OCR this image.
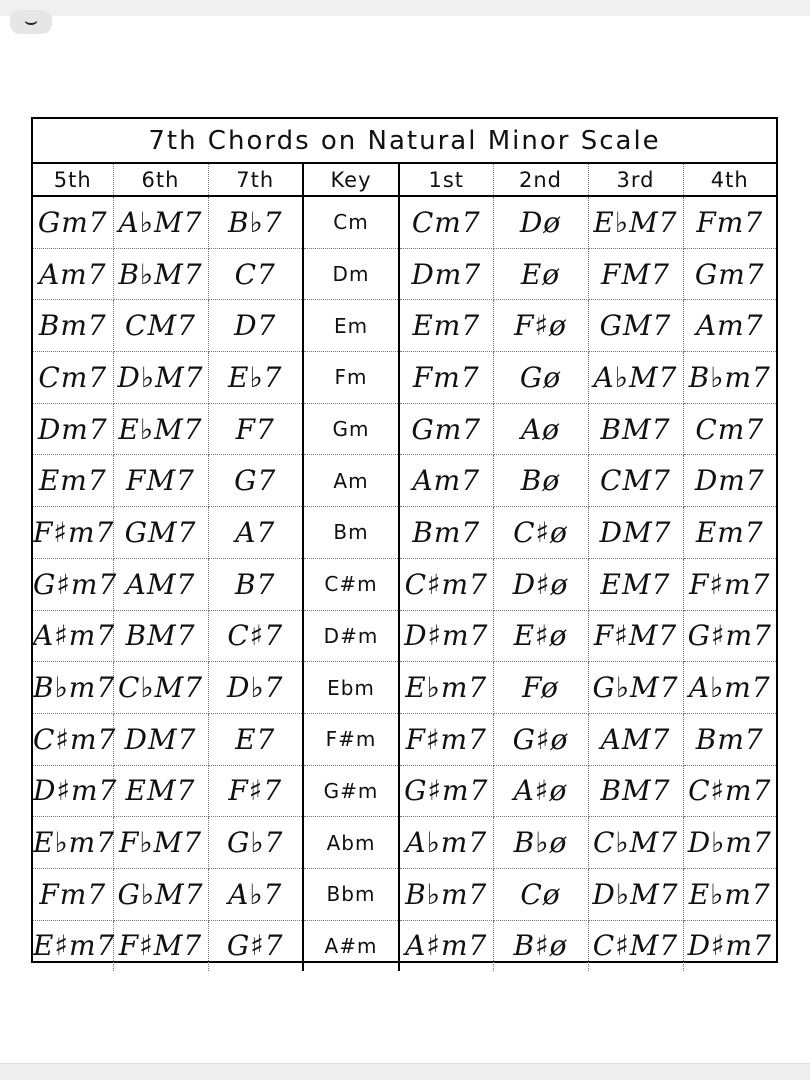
⌣
7th Chords on Natural Minor Scale
5th	6th	7th	Key	1st	2nd	3rd	4th
Gm7	A♭M7	B♭7	Cm	Cm7	Dø	E♭M7	Fm7
Am7	B♭M7	C7	Dm	Dm7	Eø	FM7	Gm7
Bm7	CM7	D7	Em	Em7	F♯ø	GM7	Am7
Cm7	D♭M7	E♭7	Fm	Fm7	Gø	A♭M7	B♭m7
Dm7	E♭M7	F7	Gm	Gm7	Aø	BM7	Cm7
Em7	FM7	G7	Am	Am7	Bø	CM7	Dm7
F♯m7	GM7	A7	Bm	Bm7	C♯ø	DM7	Em7
G♯m7	AM7	B7	C#m	C♯m7	D♯ø	EM7	F♯m7
A♯m7	BM7	C♯7	D#m	D♯m7	E♯ø	F♯M7	G♯m7
B♭m7	C♭M7	D♭7	Ebm	E♭m7	Fø	G♭M7	A♭m7
C♯m7	DM7	E7	F#m	F♯m7	G♯ø	AM7	Bm7
D♯m7	EM7	F♯7	G#m	G♯m7	A♯ø	BM7	C♯m7
E♭m7	F♭M7	G♭7	Abm	A♭m7	B♭ø	C♭M7	D♭m7
Fm7	G♭M7	A♭7	Bbm	B♭m7	Cø	D♭M7	E♭m7
E♯m7	F♯M7	G♯7	A#m	A♯m7	B♯ø	C♯M7	D♯m7
